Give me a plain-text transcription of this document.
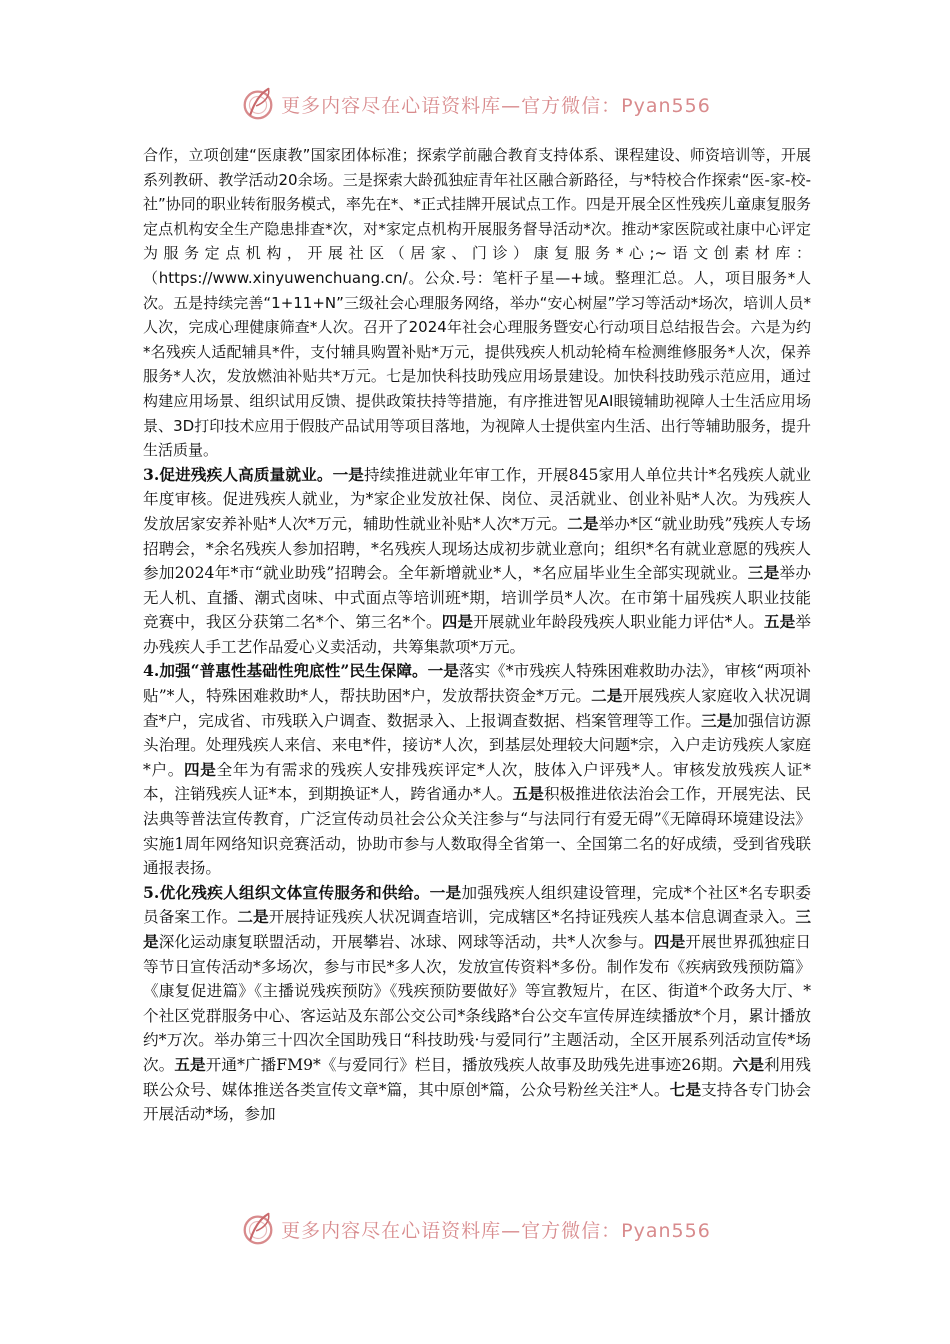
更多内容尽在心语资料库—官方微信：Pyan556

合作，立项创建“医康教”国家团体标准；探索学前融合教育支持体系、课程建设、师资培训等，开展系列教研、教学活动20余场。三是探索大龄孤独症青年社区融合新路径，与*特校合作探索“医-家-校-社”协同的职业转衔服务模式，率先在*、*正式挂牌开展试点工作。四是开展全区性残疾儿童康复服务定点机构安全生产隐患排查*次，对*家定点机构开展服务督导活动*次。推动*家医院或社康中心评定为服务定点机构，开展社区（居家、门诊）康复服务*心;~语文创素材库：（https://www.xinyuwenchuang.cn/。公众.号：笔杆子星—+域。整理汇总。人，项目服务*人次。五是持续完善“1+11+N”三级社会心理服务网络，举办“安心树屋”学习等活动*场次，培训人员*人次，完成心理健康筛查*人次。召开了2024年社会心理服务暨安心行动项目总结报告会。六是为约*名残疾人适配辅具*件，支付辅具购置补贴*万元，提供残疾人机动轮椅车检测维修服务*人次，保养服务*人次，发放燃油补贴共*万元。七是加快科技助残应用场景建设。加快科技助残示范应用，通过构建应用场景、组织试用反馈、提供政策扶持等措施，有序推进智见AI眼镜辅助视障人士生活应用场景、3D打印技术应用于假肢产品试用等项目落地，为视障人士提供室内生活、出行等辅助服务，提升生活质量。

3.促进残疾人高质量就业。一是持续推进就业年审工作，开展845家用人单位共计*名残疾人就业年度审核。促进残疾人就业，为*家企业发放社保、岗位、灵活就业、创业补贴*人次。为残疾人发放居家安养补贴*人次*万元，辅助性就业补贴*人次*万元。二是举办*区“就业助残”残疾人专场招聘会，*余名残疾人参加招聘，*名残疾人现场达成初步就业意向；组织*名有就业意愿的残疾人参加2024年*市“就业助残”招聘会。全年新增就业*人，*名应届毕业生全部实现就业。三是举办无人机、直播、潮式卤味、中式面点等培训班*期，培训学员*人次。在市第十届残疾人职业技能竞赛中，我区分获第二名*个、第三名*个。四是开展就业年龄段残疾人职业能力评估*人。五是举办残疾人手工艺作品爱心义卖活动，共筹集款项*万元。

4.加强“普惠性基础性兜底性”民生保障。一是落实《*市残疾人特殊困难救助办法》，审核“两项补贴”*人，特殊困难救助*人，帮扶助困*户，发放帮扶资金*万元。二是开展残疾人家庭收入状况调查*户，完成省、市残联入户调查、数据录入、上报调查数据、档案管理等工作。三是加强信访源头治理。处理残疾人来信、来电*件，接访*人次，到基层处理较大问题*宗，入户走访残疾人家庭*户。四是全年为有需求的残疾人安排残疾评定*人次，肢体入户评残*人。审核发放残疾人证*本，注销残疾人证*本，到期换证*人，跨省通办*人。五是积极推进依法治会工作，开展宪法、民法典等普法宣传教育，广泛宣传动员社会公众关注参与“与法同行有爱无碍”《无障碍环境建设法》实施1周年网络知识竞赛活动，协助市参与人数取得全省第一、全国第二名的好成绩，受到省残联通报表扬。

5.优化残疾人组织文体宣传服务和供给。一是加强残疾人组织建设管理，完成*个社区*名专职委员备案工作。二是开展持证残疾人状况调查培训，完成辖区*名持证残疾人基本信息调查录入。三是深化运动康复联盟活动，开展攀岩、冰球、网球等活动，共*人次参与。四是开展世界孤独症日等节日宣传活动*多场次，参与市民*多人次，发放宣传资料*多份。制作发布《疾病致残预防篇》《康复促进篇》《主播说残疾预防》《残疾预防要做好》等宣教短片，在区、街道*个政务大厅、*个社区党群服务中心、客运站及东部公交公司*条线路*台公交车宣传屏连续播放*个月，累计播放约*万次。举办第三十四次全国助残日“科技助残·与爱同行”主题活动，全区开展系列活动宣传*场次。五是开通*广播FM9*《与爱同行》栏目，播放残疾人故事及助残先进事迹26期。六是利用残联公众号、媒体推送各类宣传文章*篇，其中原创*篇，公众号粉丝关注*人。七是支持各专门协会开展活动*场，参加

更多内容尽在心语资料库—官方微信：Pyan556
